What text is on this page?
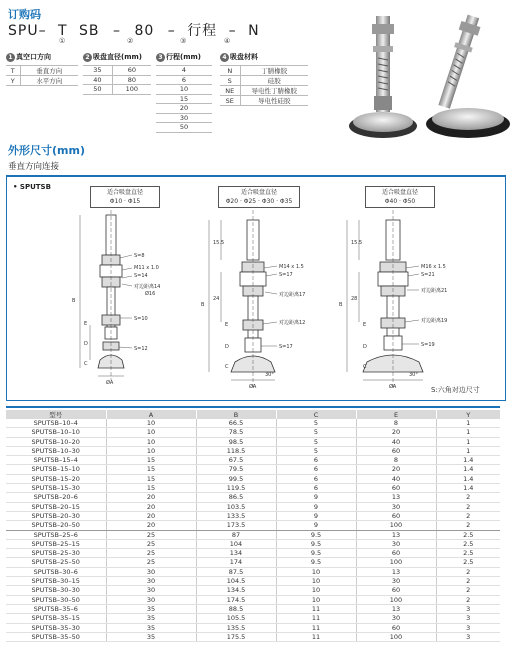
订购码
SPU– T SB – 80 – 行程 – N
①	②	③	④
1 真空口方向
T	垂直方向
Y	水平方向
2 吸盘直径(mm)
35	60
40	80
50	100
3 行程(mm)
4
6
10
15
20
30
50
4 吸盘材料
N	丁腈橡胶
S	硅胶
NE	导电性丁腈橡胶
SE	导电性硅胶
外形尺寸(mm)
垂直方向连接
• SPUTSB
S:六角对边尺寸
适合吸盘直径
Φ10 · Φ15
S=8
M11 x 1.0
S=14
对边距离14
Ø16
S=10
S=12
ØA
B
E
D
C
适合吸盘直径
Φ20 · Φ25 · Φ30 · Φ35
M14 x 1.5
S=17
对边距离17
对边距离12
S=17
30°
ØA
15.5
24
B
E
D
C
适合吸盘直径
Φ40 · Φ50
M16 x 1.5
S=21
对边距离21
对边距离19
S=19
30°
ØA
15.5
28
B
E
D
C
型号	A	B	C	E	Y
SPUTSB–10–4	10	66.5	5	8	1
SPUTSB–10–10	10	78.5	5	20	1
SPUTSB–10–20	10	98.5	5	40	1
SPUTSB–10–30	10	118.5	5	60	1
SPUTSB–15–4	15	67.5	6	8	1.4
SPUTSB–15–10	15	79.5	6	20	1.4
SPUTSB–15–20	15	99.5	6	40	1.4
SPUTSB–15–30	15	119.5	6	60	1.4
SPUTSB–20–6	20	86.5	9	13	2
SPUTSB–20–15	20	103.5	9	30	2
SPUTSB–20–30	20	133.5	9	60	2
SPUTSB–20–50	20	173.5	9	100	2
SPUTSB–25–6	25	87	9.5	13	2.5
SPUTSB–25–15	25	104	9.5	30	2.5
SPUTSB–25–30	25	134	9.5	60	2.5
SPUTSB–25–50	25	174	9.5	100	2.5
SPUTSB–30–6	30	87.5	10	13	2
SPUTSB–30–15	30	104.5	10	30	2
SPUTSB–30–30	30	134.5	10	60	2
SPUTSB–30–50	30	174.5	10	100	2
SPUTSB–35–6	35	88.5	11	13	3
SPUTSB–35–15	35	105.5	11	30	3
SPUTSB–35–30	35	135.5	11	60	3
SPUTSB–35–50	35	175.5	11	100	3
